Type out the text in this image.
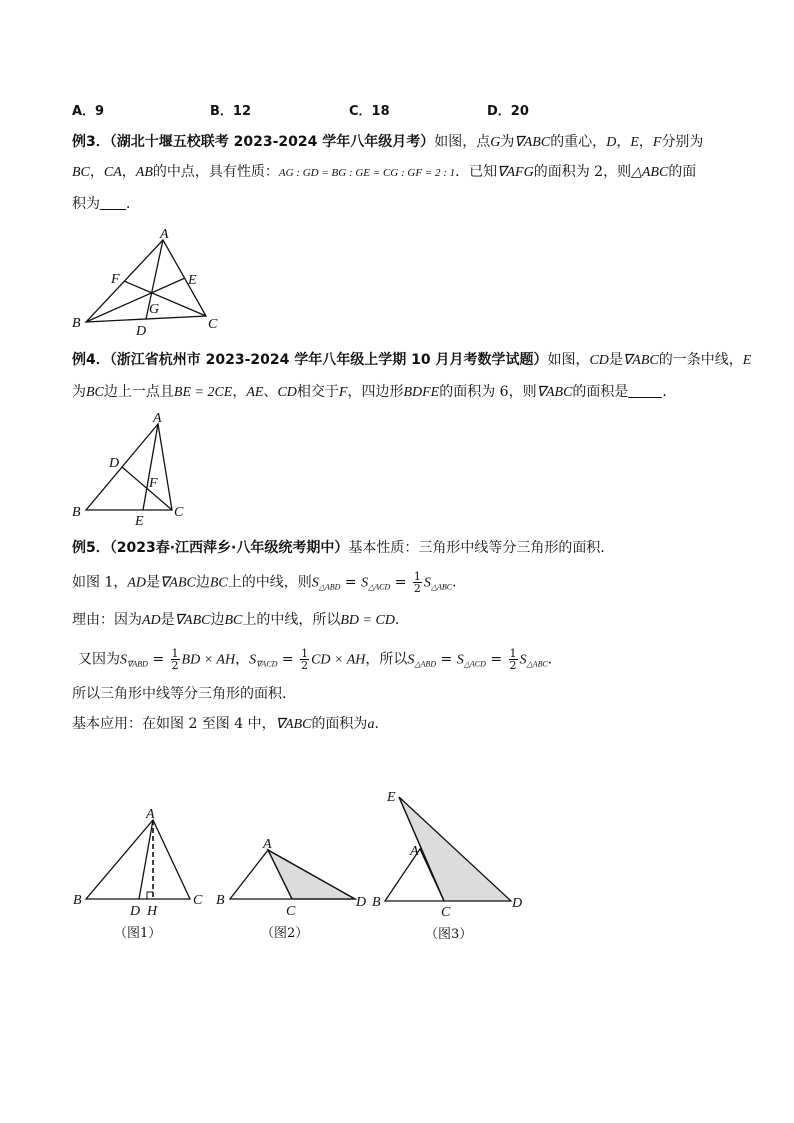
A．9	B．12	C．18	D．20
例3．（湖北十堰五校联考 2023-2024 学年八年级月考）如图，点G为∇ABC的重心，D，E，F分别为
BC，CA，AB的中点，具有性质：AG : GD = BG : GE = CG : GF = 2 : 1．已知∇AFG的面积为 2，则△ABC的面
积为 ．
A
B	C
D
E
F
G
例4．（浙江省杭州市 2023-2024 学年八年级上学期 10 月月考数学试题）如图，CD是∇ABC的一条中线，E
为BC边上一点且BE = 2CE，AE、CD相交于F，四边形BDFE的面积为 6，则∇ABC的面积是 ．
A
B	C
D
E
F
例5．（2023春·江西萍乡·八年级统考期中）基本性质：三角形中线等分三角形的面积．
如图 1，AD是∇ABC边BC上的中线，则$S_{\triangle ABD} = S_{\triangle ACD} = \frac{1}{2} S_{\triangle ABC}$．
理由：因为AD是∇ABC边BC上的中线，所以BD = CD．
又因为$S_{\nabla ABD} = \frac{1}{2}$ BD × AH，$S_{\nabla ACD} = \frac{1}{2}$ CD × AH，所以$S_{\triangle ABD} = S_{\triangle ACD} = \frac{1}{2} S_{\triangle ABC}$．
所以三角形中线等分三角形的面积．
基本应用：在如图 2 至图 4 中，∇ABC的面积为a．
A
B	C
D H
（图1）
A
B
C
D
（图2）
E
A
B
C
D
（图3）
